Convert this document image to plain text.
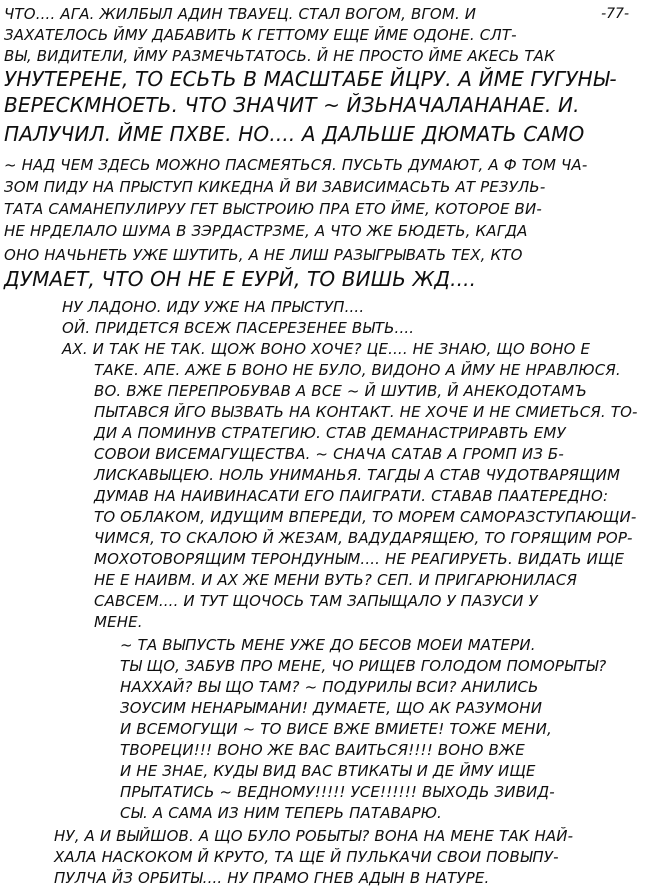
-77-
ЧТО.... АГА. ЖИЛБЫЛ АДИН ТВАУЕЦ. СТАЛ ВОГОМ, ВГОМ. И
ЗАХАТЕЛОСЬ ЙМУ ДАБАВИТЬ К ГЕТТОМУ ЕЩЕ ЙМЕ ОДОНЕ. СЛТ-
ВЫ, ВИДИТЕЛИ, ЙМУ РАЗМЕЧЬТАТОСЬ. Й НЕ ПРОСТО ЙМЕ АКЕСЬ ТАК
УНУТЕРЕНЕ, ТО ЕСЬТЬ В МАСШТАБЕ ЙЦРУ. А ЙМЕ ГУГУНЫ-
ВЕРЕСКМНОЕТЬ. ЧТО ЗНАЧИТ ~ ЙЗЬНАЧАЛАНАНАЕ. И.
ПАЛУЧИЛ. ЙМЕ ПХВЕ. НО.... А ДАЛЬШЕ ДЮМАТЬ САМО
~ НАД ЧЕМ ЗДЕСЬ МОЖНО ПАСМЕЯТЬСЯ. ПУСЬТЬ ДУМАЮТ, А Ф ТОМ ЧА-
ЗОМ ПИДУ НА ПРЫСТУП КИКЕДНА Й ВИ ЗАВИСИМАСЬТЬ АТ РЕЗУЛЬ-
ТАТА САМАНЕПУЛИРУУ ГЕТ ВЫСТРОИЮ ПРА ЕТО ЙМЕ, КОТОРОЕ ВИ-
НЕ НРДЕЛАЛО ШУМА В ЗЭРДАСТРЗМЕ, А ЧТО ЖЕ БЮДЕТЬ, КАГДА
ОНО НАЧЬНЕТЬ УЖЕ ШУТИТЬ, А НЕ ЛИШ РАЗЫГРЫВАТЬ ТЕХ, КТО
ДУМАЕТ, ЧТО ОН НЕ Е ЕУРЙ, ТО ВИШЬ ЖД....
НУ ЛАДОНО. ИДУ УЖЕ НА ПРЫСТУП....
ОЙ. ПРИДЕТСЯ ВСЕЖ ПАСЕРЕЗЕНЕЕ ВЫТЬ....
АХ. И ТАК НЕ ТАК. ЩОЖ ВОНО ХОЧЕ? ЦЕ.... НЕ ЗНАЮ, ЩО ВОНО Е
ТАКЕ. АПЕ. АЖЕ Б ВОНО НЕ БУЛО, ВИДОНО А ЙМУ НЕ НРАВЛЮСЯ.
ВО. ВЖЕ ПЕРЕПРОБУВАВ А ВСЕ ~ Й ШУТИВ, Й АНЕКОДОТАМЪ
ПЫТАВСЯ ЙГО ВЫЗВАТЬ НА КОНТАКТ. НЕ ХОЧЕ И НЕ СМИЕТЬСЯ. ТО-
ДИ А ПОМИНУВ СТРАТЕГИЮ. СТАВ ДЕМАНАСТРИРАВТЬ ЕМУ
СОВОИ ВИСЕМАГУЩЕСТВА. ~ СНАЧА САТАВ А ГРОМП ИЗ Б-
ЛИСКАВЫЦЕЮ. НОЛЬ УНИМАНЬЯ. ТАГДЫ А СТАВ ЧУДОТВАРЯЩИМ
ДУМАВ НА НАИВИНАСАТИ ЕГО ПАИГРАТИ. СТАВАВ ПААТЕРЕДНО:
ТО ОБЛАКОМ, ИДУЩИМ ВПЕРЕДИ, ТО МОРЕМ САМОРАЗСТУПАЮЩИ-
ЧИМСЯ, ТО СКАЛОЮ Й ЖЕЗАМ, ВАДУДАРЯЩЕЮ, ТО ГОРЯЩИМ РОР-
МОХОТОВОРЯЩИМ ТЕРОНДУНЫМ.... НЕ РЕАГИРУЕТЬ. ВИДАТЬ ИЩЕ
НЕ Е НАИВМ. И АХ ЖЕ МЕНИ ВУТЬ? СЕП. И ПРИГАРЮНИЛАСЯ
САВСЕМ.... И ТУТ ЩОЧОСЬ ТАМ ЗАПЫЩАЛО У ПАЗУСИ У
МЕНЕ.
~ ТА ВЫПУСТЬ МЕНЕ УЖЕ ДО БЕСОВ МОЕИ МАТЕРИ.
ТЫ ЩО, ЗАБУВ ПРО МЕНЕ, ЧО РИЩЕВ ГОЛОДОМ ПОМОРЫТЫ?
НАХХАЙ? ВЫ ЩО ТАМ? ~ ПОДУРИЛЫ ВСИ? АНИЛИСЬ
ЗОУСИМ НЕНАРЫМАНИ! ДУМАЕТЕ, ЩО АК РАЗУМОНИ
И ВСЕМОГУЩИ ~ ТО ВИСЕ ВЖЕ ВМИЕТЕ! ТОЖЕ МЕНИ,
ТВОРЕЦИ!!! ВОНО ЖЕ ВАС ВАИТЬСЯ!!!! ВОНО ВЖЕ
И НЕ ЗНАЕ, КУДЫ ВИД ВАС ВТИКАТЫ И ДЕ ЙМУ ИЩЕ
ПРЫТАТИСЬ ~ ВЕДНОМУ!!!!! УСЕ!!!!!! ВЫХОДЬ ЗИВИД-
СЫ. А САМА ИЗ НИМ ТЕПЕРЬ ПАТАВАРЮ.
НУ, А И ВЫЙШОВ. А ЩО БУЛО РОБЫТЫ? ВОНА НА МЕНЕ ТАК НАЙ-
ХАЛА НАСКОКОМ Й КРУТО, ТА ЩЕ Й ПУЛЬКАЧИ СВОИ ПОВЫПУ-
ПУЛЧА ЙЗ ОРБИТЫ.... НУ ПРАМО ГНЕВ АДЫН В НАТУРЕ.
